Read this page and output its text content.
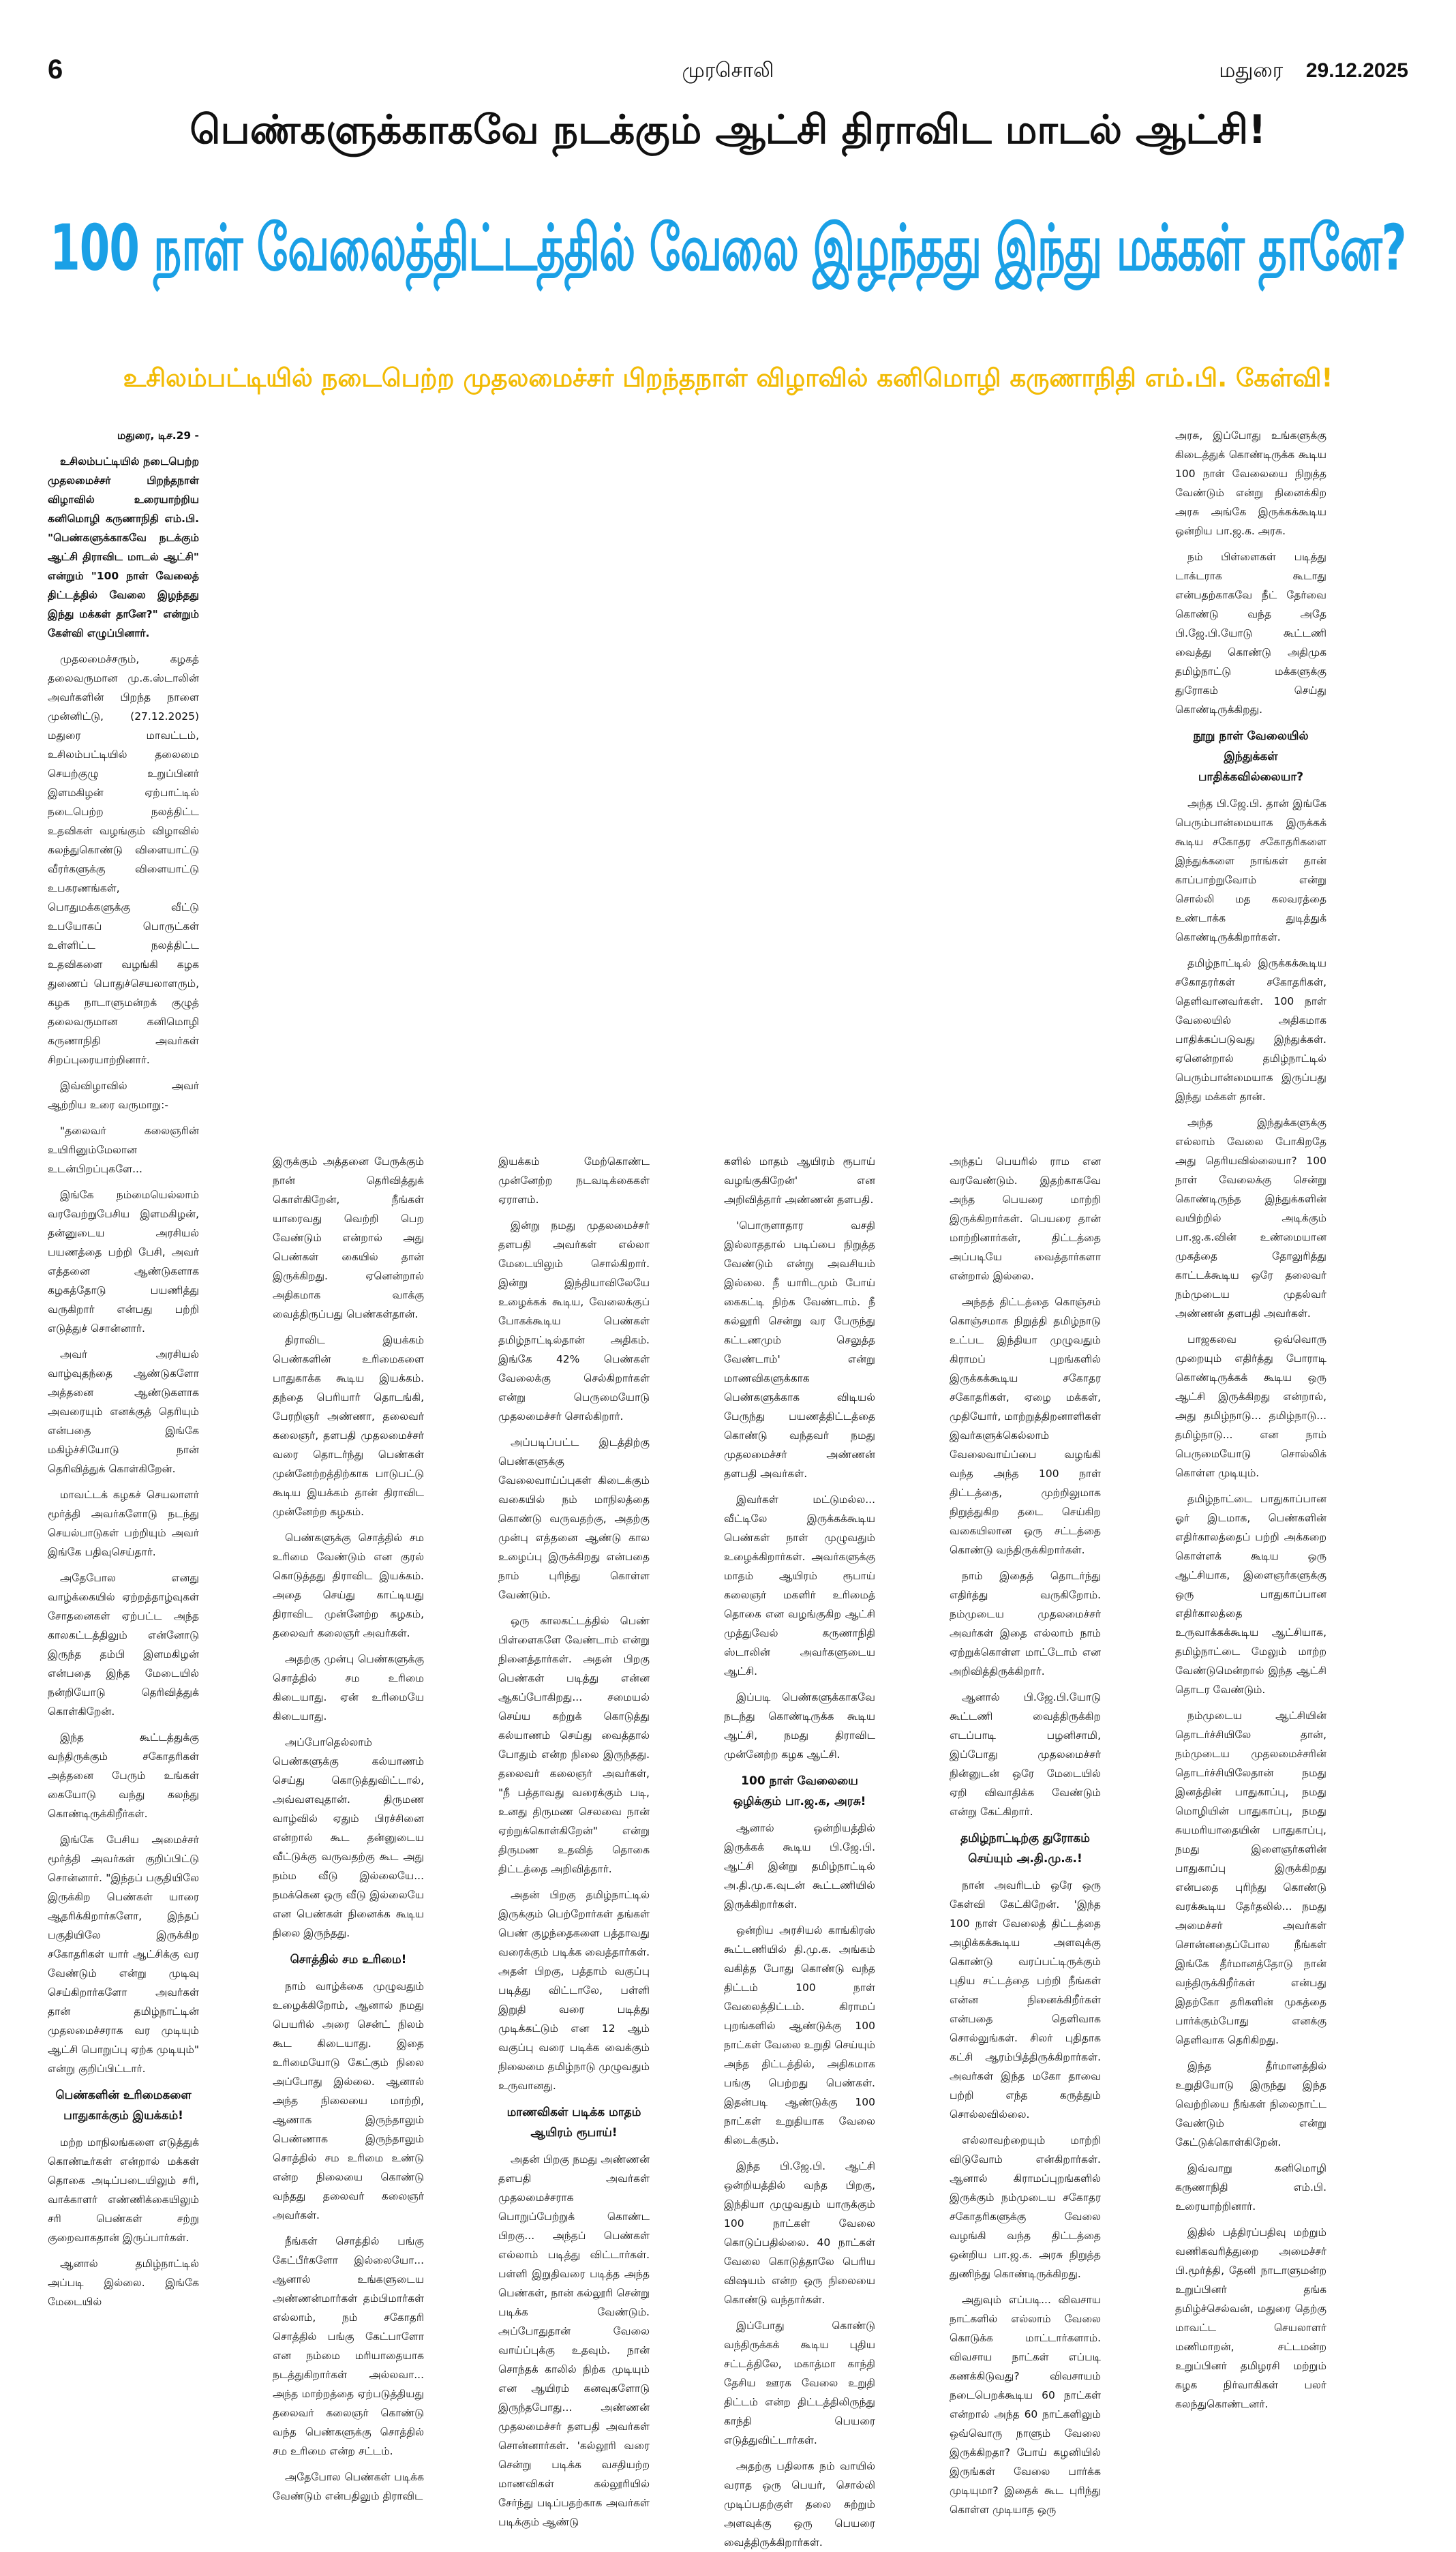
6	முரசொலி	மதுரை 29.12.2025
பெண்களுக்காகவே நடக்கும் ஆட்சி திராவிட மாடல் ஆட்சி!
100 நாள் வேலைத்திட்டத்தில் வேலை இழந்தது இந்து மக்கள் தானே?
உசிலம்பட்டியில் நடைபெற்ற முதலமைச்சர் பிறந்தநாள் விழாவில் கனிமொழி கருணாநிதி எம்.பி. கேள்வி!

மதுரை, டிச.29 -

உசிலம்பட்டியில் நடைபெற்ற முதலமைச்சர் பிறந்தநாள் விழாவில் உரையாற்றிய கனிமொழி கருணாநிதி எம்.பி. "பெண்களுக்காகவே நடக்கும் ஆட்சி திராவிட மாடல் ஆட்சி" என்றும் "100 நாள் வேலைத் திட்டத்தில் வேலை இழந்தது இந்து மக்கள் தானே?" என்றும் கேள்வி எழுப்பினார்.

முதலமைச்சரும், கழகத் தலைவருமான மு.க.ஸ்டாலின் அவர்களின் பிறந்த நாளை முன்னிட்டு, (27.12.2025) மதுரை மாவட்டம், உசிலம்பட்டியில் தலைமை செயற்குழு உறுப்பினர் இளமகிழன் ஏற்பாட்டில் நடைபெற்ற நலத்திட்ட உதவிகள் வழங்கும் விழாவில் கலந்துகொண்டு விளையாட்டு வீரர்களுக்கு விளையாட்டு உபகரணங்கள், பொதுமக்களுக்கு வீட்டு உபயோகப் பொருட்கள் உள்ளிட்ட நலத்திட்ட உதவிகளை வழங்கி கழக துணைப் பொதுச்செயலாளரும், கழக நாடாளுமன்றக் குழுத் தலைவருமான கனிமொழி கருணாநிதி அவர்கள் சிறப்புரையாற்றினார்.

இவ்விழாவில் அவர் ஆற்றிய உரை வருமாறு:-

"தலைவர் கலைஞரின் உயிரினும்மேலான உடன்பிறப்புகளே...

இங்கே நம்மையெல்லாம் வரவேற்றுபேசிய இளமகிழன், தன்னுடைய அரசியல் பயணத்தை பற்றி பேசி, அவர் எத்தனை ஆண்டுகளாக கழகத்தோடு பயணித்து வருகிறார் என்பது பற்றி எடுத்துச் சொன்னார்.

அவர் அரசியல் வாழ்வுதந்தை ஆண்டுகளோ அத்தனை ஆண்டுகளாக அவரையும் எனக்குத் தெரியும் என்பதை இங்கே மகிழ்ச்சியோடு நான் தெரிவித்துக் கொள்கிறேன்.

மாவட்டக் கழகச் செயலாளர் மூர்த்தி அவர்களோடு நடந்து செயல்பாடுகள் பற்றியும் அவர் இங்கே பதிவுசெய்தார்.

அதேபோல எனது வாழ்க்கையில் ஏற்றத்தாழ்வுகள் சோதனைகள் ஏற்பட்ட அந்த காலகட்டத்திலும் என்னோடு இருந்த தம்பி இளமகிழன் என்பதை இந்த மேடையில் நன்றியோடு தெரிவித்துக் கொள்கிறேன்.

இந்த கூட்டத்துக்கு வந்திருக்கும் சகோதரிகள் அத்தனை பேரும் உங்கள் கையோடு வந்து கலந்து கொண்டிருக்கிறீர்கள்.

இங்கே பேசிய அமைச்சர் மூர்த்தி அவர்கள் குறிப்பிட்டு சொன்னார். "இந்தப் பகுதியிலே இருக்கிற பெண்கள் யாரை ஆதரிக்கிறார்களோ, இந்தப் பகுதியிலே இருக்கிற சகோதரிகள் யார் ஆட்சிக்கு வர வேண்டும் என்று முடிவு செய்கிறார்களோ அவர்கள் தான் தமிழ்நாட்டின் முதலமைச்சராக வர முடியும் ஆட்சி பொறுப்பு ஏற்க முடியும்" என்று குறிப்பிட்டார்.

பெண்களின் உரிமைகளை பாதுகாக்கும் இயக்கம்!

மற்ற மாநிலங்களை எடுத்துக் கொண்டீர்கள் என்றால் மக்கள் தொகை அடிப்படையிலும் சரி, வாக்காளர் எண்ணிக்கையிலும் சரி பெண்கள் சற்று குறைவாகதான் இருப்பார்கள்.

ஆனால் தமிழ்நாட்டில் அப்படி இல்லை. இங்கே மேடையில்

இருக்கும் அத்தனை பேருக்கும் நான் தெரிவித்துக் கொள்கிறேன், நீங்கள் யாரைவது வெற்றி பெற வேண்டும் என்றால் அது பெண்கள் கையில் தான் இருக்கிறது. ஏனென்றால் அதிகமாக வாக்கு வைத்திருப்பது பெண்கள்தான்.

திராவிட இயக்கம் பெண்களின் உரிமைகளை பாதுகாக்க கூடிய இயக்கம். தந்தை பெரியார் தொடங்கி, பேரறிஞர் அண்ணா, தலைவர் கலைஞர், தளபதி முதலமைச்சர் வரை தொடர்ந்து பெண்கள் முன்னேற்றத்திற்காக பாடுபட்டு கூடிய இயக்கம் தான் திராவிட முன்னேற்ற கழகம்.

பெண்களுக்கு சொத்தில் சம உரிமை வேண்டும் என குரல் கொடுத்தது திராவிட இயக்கம். அதை செய்து காட்டியது திராவிட முன்னேற்ற கழகம், தலைவர் கலைஞர் அவர்கள்.

அதற்கு முன்பு பெண்களுக்கு சொத்தில் சம உரிமை கிடையாது. ஏன் உரிமையே கிடையாது.

அப்போதெல்லாம் பெண்களுக்கு கல்யாணம் செய்து கொடுத்துவிட்டால், அவ்வளவுதான். திருமண வாழ்வில் ஏதும் பிரச்சினை என்றால் கூட தன்னுடைய வீட்டுக்கு வருவதற்கு கூட அது நம்ம வீடு இல்லையே... நமக்கென ஒரு வீடு இல்லையே என பெண்கள் நினைக்க கூடிய நிலை இருந்தது.

சொத்தில் சம உரிமை!

நாம் வாழ்க்கை முழுவதும் உழைக்கிறோம், ஆனால் நமது பெயரில் அரை சென்ட் நிலம் கூட கிடையாது. இதை உரிமையோடு கேட்கும் நிலை அப்போது இல்லை. ஆனால் அந்த நிலையை மாற்றி, ஆணாக இருந்தாலும் பெண்ணாக இருந்தாலும் சொத்தில் சம உரிமை உண்டு என்ற நிலையை கொண்டு வந்தது தலைவர் கலைஞர் அவர்கள்.

நீங்கள் சொத்தில் பங்கு கேட்பீர்களோ இல்லையோ... ஆனால் உங்களுடைய அண்ணன்மார்கள் தம்பிமார்கள் எல்லாம், நம் சகோதரி சொத்தில் பங்கு கேட்பாளோ என நம்மை மரியாதையாக நடத்துகிறார்கள் அல்லவா... அந்த மாற்றத்தை ஏற்படுத்தியது தலைவர் கலைஞர் கொண்டு வந்த பெண்களுக்கு சொத்தில் சம உரிமை என்ற சட்டம்.

அதேபோல பெண்கள் படிக்க வேண்டும் என்பதிலும் திராவிட

இயக்கம் மேற்கொண்ட முன்னேற்ற நடவடிக்கைகள் ஏராளம்.

இன்று நமது முதலமைச்சர் தளபதி அவர்கள் எல்லா மேடையிலும் சொல்கிறார். இன்று இந்தியாவிலேயே உழைக்கக் கூடிய, வேலைக்குப் போகக்கூடிய பெண்கள் தமிழ்நாட்டில்தான் அதிகம். இங்கே 42% பெண்கள் வேலைக்கு செல்கிறார்கள் என்று பெருமையோடு முதலமைச்சர் சொல்கிறார்.

அப்படிப்பட்ட இடத்திற்கு பெண்களுக்கு வேலைவாய்ப்புகள் கிடைக்கும் வகையில் நம் மாநிலத்தை கொண்டு வருவதற்கு, அதற்கு முன்பு எத்தனை ஆண்டு கால உழைப்பு இருக்கிறது என்பதை நாம் புரிந்து கொள்ள வேண்டும்.

ஒரு காலகட்டத்தில் பெண் பிள்ளைகளே வேண்டாம் என்று நினைத்தார்கள். அதன் பிறகு பெண்கள் படித்து என்ன ஆகப்போகிறது... சமையல் செய்ய கற்றுக் கொடுத்து கல்யாணம் செய்து வைத்தால் போதும் என்ற நிலை இருந்தது. தலைவர் கலைஞர் அவர்கள், "நீ பத்தாவது வரைக்கும் படி, உனது திருமண செலவை நான் ஏற்றுக்கொள்கிறேன்" என்று திருமண உதவித் தொகை திட்டத்தை அறிவித்தார்.

அதன் பிறகு தமிழ்நாட்டில் இருக்கும் பெற்றோர்கள் தங்கள் பெண் குழந்தைகளை பத்தாவது வரைக்கும் படிக்க வைத்தார்கள். அதன் பிறகு, பத்தாம் வகுப்பு படித்து விட்டாலே, பள்ளி இறுதி வரை படித்து முடிக்கட்டும் என 12 ஆம் வகுப்பு வரை படிக்க வைக்கும் நிலைமை தமிழ்நாடு முழுவதும் உருவானது.

மாணவிகள் படிக்க மாதம் ஆயிரம் ரூபாய்!

அதன் பிறகு நமது அண்ணன் தளபதி அவர்கள் முதலமைச்சராக பொறுப்பேற்றுக் கொண்ட பிறகு... அந்தப் பெண்கள் எல்லாம் படித்து விட்டார்கள். பள்ளி இறுதிவரை படித்த அந்த பெண்கள், நான் கல்லூரி சென்று படிக்க வேண்டும். அப்போதுதான் வேலை வாய்ப்புக்கு உதவும். நான் சொந்தக் காலில் நிற்க முடியும் என ஆயிரம் கனவுகளோடு இருந்தபோது... அண்ணன் முதலமைச்சர் தளபதி அவர்கள் சொன்னார்கள். 'கல்லூரி வரை சென்று படிக்க வசதியற்ற மாணவிகள் கல்லூரியில் சேர்ந்து படிப்பதற்காக அவர்கள் படிக்கும் ஆண்டு

களில் மாதம் ஆயிரம் ரூபாய் வழங்குகிறேன்' என அறிவித்தார் அண்ணன் தளபதி.

'பொருளாதார வசதி இல்லாததால் படிப்பை நிறுத்த வேண்டும் என்று அவசியம் இல்லை. நீ யாரிடமும் போய் கைகட்டி நிற்க வேண்டாம். நீ கல்லூரி சென்று வர பேருந்து கட்டணமும் செலுத்த வேண்டாம்' என்று மாணவிகளுக்காக பெண்களுக்காக விடியல் பேருந்து பயணத்திட்டத்தை கொண்டு வந்தவர் நமது முதலமைச்சர் அண்ணன் தளபதி அவர்கள்.

இவர்கள் மட்டுமல்ல... வீட்டிலே இருக்கக்கூடிய பெண்கள் நாள் முழுவதும் உழைக்கிறார்கள். அவர்களுக்கு மாதம் ஆயிரம் ரூபாய் கலைஞர் மகளிர் உரிமைத் தொகை என வழங்குகிற ஆட்சி முத்துவேல் கருணாநிதி ஸ்டாலின் அவர்களுடைய ஆட்சி.

இப்படி பெண்களுக்காகவே நடந்து கொண்டிருக்க கூடிய ஆட்சி, நமது திராவிட முன்னேற்ற கழக ஆட்சி.

100 நாள் வேலையை ஒழிக்கும் பா.ஜ.க, அரசு!

ஆனால் ஒன்றியத்தில் இருக்கக் கூடிய பி.ஜே.பி. ஆட்சி இன்று தமிழ்நாட்டில் அ.தி.மு.க.வுடன் கூட்டணியில் இருக்கிறார்கள்.

ஒன்றிய அரசியல் காங்கிரஸ் கூட்டணியில் தி.மு.க. அங்கம் வகித்த போது கொண்டு வந்த திட்டம் 100 நாள் வேலைத்திட்டம். கிராமப் புறங்களில் ஆண்டுக்கு 100 நாட்கள் வேலை உறுதி செய்யும் அந்த திட்டத்தில், அதிகமாக பங்கு பெற்றது பெண்கள். இதன்படி ஆண்டுக்கு 100 நாட்கள் உறுதியாக வேலை கிடைக்கும்.

இந்த பி.ஜே.பி. ஆட்சி ஒன்றியத்தில் வந்த பிறகு, இந்தியா முழுவதும் யாருக்கும் 100 நாட்கள் வேலை கொடுப்பதில்லை. 40 நாட்கள் வேலை கொடுத்தாலே பெரிய விஷயம் என்ற ஒரு நிலையை கொண்டு வந்தார்கள்.

இப்போது கொண்டு வந்திருக்கக் கூடிய புதிய சட்டத்திலே, மகாத்மா காந்தி தேசிய ஊரக வேலை உறுதி திட்டம் என்ற திட்டத்திலிருந்து காந்தி பெயரை எடுத்துவிட்டார்கள்.

அதற்கு பதிலாக நம் வாயில் வராத ஒரு பெயர், சொல்லி முடிப்பதற்குள் தலை சுற்றும் அளவுக்கு ஒரு பெயரை வைத்திருக்கிறார்கள்.

அந்தப் பெயரில் ராம என வரவேண்டும். இதற்காகவே அந்த பெயரை மாற்றி இருக்கிறார்கள். பெயரை தான் மாற்றினார்கள், திட்டத்தை அப்படியே வைத்தார்களா என்றால் இல்லை.

அந்தத் திட்டத்தை கொஞ்சம் கொஞ்சமாக நிறுத்தி தமிழ்நாடு உட்பட இந்தியா முழுவதும் கிராமப் புறங்களில் இருக்கக்கூடிய சகோதர சகோதரிகள், ஏழை மக்கள், முதியோர், மாற்றுத்திறனாளிகள் இவர்களுக்கெல்லாம் வேலைவாய்ப்பை வழங்கி வந்த அந்த 100 நாள் திட்டத்தை, முற்றிலுமாக நிறுத்துகிற தடை செய்கிற வகையிலான ஒரு சட்டத்தை கொண்டு வந்திருக்கிறார்கள்.

நாம் இதைத் தொடர்ந்து எதிர்த்து வருகிறோம். நம்முடைய முதலமைச்சர் அவர்கள் இதை எல்லாம் நாம் ஏற்றுக்கொள்ள மாட்டோம் என அறிவித்திருக்கிறார்.

ஆனால் பி.ஜே.பி.யோடு கூட்டணி வைத்திருக்கிற எடப்பாடி பழனிசாமி, இப்போது முதலமைச்சர் நின்னுடன் ஒரே மேடையில் ஏறி விவாதிக்க வேண்டும் என்று கேட்கிறார்.

தமிழ்நாட்டிற்கு துரோகம் செய்யும் அ.தி.மு.க.!

நான் அவரிடம் ஒரே ஒரு கேள்வி கேட்கிறேன். 'இந்த 100 நாள் வேலைத் திட்டத்தை அழிக்கக்கூடிய அளவுக்கு கொண்டு வரப்பட்டிருக்கும் புதிய சட்டத்தை பற்றி நீங்கள் என்ன நினைக்கிறீர்கள் என்பதை தெளிவாக சொல்லுங்கள். சிலர் புதிதாக கட்சி ஆரம்பித்திருக்கிறார்கள். அவர்கள் இந்த மகோ தாவை பற்றி எந்த கருத்தும் சொல்லவில்லை.

எல்லாவற்றையும் மாற்றி விடுவோம் என்கிறார்கள். ஆனால் கிராமப்புறங்களில் இருக்கும் நம்முடைய சகோதர சகோதரிகளுக்கு வேலை வழங்கி வந்த திட்டத்தை ஒன்றிய பா.ஜ.க. அரசு நிறுத்த துணிந்து கொண்டிருக்கிறது.

அதுவும் எப்படி... விவசாய நாட்களில் எல்லாம் வேலை கொடுக்க மாட்டார்களாம். விவசாய நாட்கள் எப்படி கணக்கிடுவது? விவசாயம் நடைபெறக்கூடிய 60 நாட்கள் என்றால் அந்த 60 நாட்களிலும் ஒவ்வொரு நாளும் வேலை இருக்கிறதா? போய் கழனியில் இருங்கள் வேலை பார்க்க முடியுமா? இதைக் கூட புரிந்து கொள்ள முடியாத ஒரு

அரசு, இப்போது உங்களுக்கு கிடைத்துக் கொண்டிருக்க கூடிய 100 நாள் வேலையை நிறுத்த வேண்டும் என்று நினைக்கிற அரசு அங்கே இருக்கக்கூடிய ஒன்றிய பா.ஜ.க. அரசு.

நம் பிள்ளைகள் படித்து டாக்டராக கூடாது என்பதற்காகவே நீட் தேர்வை கொண்டு வந்த அதே பி.ஜே.பி.யோடு கூட்டணி வைத்து கொண்டு அதிமுக தமிழ்நாட்டு மக்களுக்கு துரோகம் செய்து கொண்டிருக்கிறது.

நூறு நாள் வேலையில் இந்துக்கள் பாதிக்கவில்லையா?

அந்த பி.ஜே.பி. தான் இங்கே பெரும்பான்மையாக இருக்கக் கூடிய சகோதர சகோதரிகளை இந்துக்களை நாங்கள் தான் காப்பாற்றுவோம் என்று சொல்லி மத கலவரத்தை உண்டாக்க துடித்துக் கொண்டிருக்கிறார்கள்.

தமிழ்நாட்டில் இருக்கக்கூடிய சகோதரர்கள் சகோதரிகள், தெளிவானவர்கள். 100 நாள் வேலையில் அதிகமாக பாதிக்கப்படுவது இந்துக்கள். ஏனென்றால் தமிழ்நாட்டில் பெரும்பான்மையாக இருப்பது இந்து மக்கள் தான்.

அந்த இந்துக்களுக்கு எல்லாம் வேலை போகிறதே அது தெரியவில்லையா? 100 நாள் வேலைக்கு சென்று கொண்டிருந்த இந்துக்களின் வயிற்றில் அடிக்கும் பா.ஜ.க.வின் உண்மையான முகத்தை தோலுரித்து காட்டக்கூடிய ஒரே தலைவர் நம்முடைய முதல்வர் அண்ணன் தளபதி அவர்கள்.

பாஜகவை ஒவ்வொரு முறையும் எதிர்த்து போராடி கொண்டிருக்கக் கூடிய ஒரு ஆட்சி இருக்கிறது என்றால், அது தமிழ்நாடு... தமிழ்நாடு... தமிழ்நாடு... என நாம் பெருமையோடு சொல்லிக் கொள்ள முடியும்.

தமிழ்நாட்டை பாதுகாப்பான ஓர் இடமாக, பெண்களின் எதிர்காலத்தைப் பற்றி அக்கறை கொள்ளக் கூடிய ஒரு ஆட்சியாக, இளைஞர்களுக்கு ஒரு பாதுகாப்பான எதிர்காலத்தை உருவாக்கக்கூடிய ஆட்சியாக, தமிழ்நாட்டை மேலும் மாற்ற வேண்டுமென்றால் இந்த ஆட்சி தொடர வேண்டும்.

நம்முடைய ஆட்சியின் தொடர்ச்சியிலே தான், நம்முடைய முதலமைச்சரின் தொடர்ச்சியிலேதான் நமது இனத்தின் பாதுகாப்பு, நமது மொழியின் பாதுகாப்பு, நமது சுயமரியாதையின் பாதுகாப்பு, நமது இளைஞர்களின் பாதுகாப்பு இருக்கிறது என்பதை புரிந்து கொண்டு வரக்கூடிய தேர்தலில்... நமது அமைச்சர் அவர்கள் சொன்னதைப்போல நீங்கள் இங்கே தீர்மானத்தோடு நான் வந்திருக்கிறீர்கள் என்பது இதற்கோ தரிகளின் முகத்தை பார்க்கும்போது எனக்கு தெளிவாக தெரிகிறது.

இந்த தீர்மானத்தில் உறுதியோடு இருந்து இந்த வெற்றியை நீங்கள் நிலைநாட்ட வேண்டும் என்று கேட்டுக்கொள்கிறேன்.

இவ்வாறு கனிமொழி கருணாநிதி எம்.பி. உரையாற்றினார்.

இதில் பத்திரப்பதிவு மற்றும் வணிகவரித்துறை அமைச்சர் பி.மூர்த்தி, தேனி நாடாளுமன்ற உறுப்பினர் தங்க தமிழ்ச்செல்வன், மதுரை தெற்கு மாவட்ட செயலாளர் மணிமாறன், சட்டமன்ற உறுப்பினர் தமிழரசி மற்றும் கழக நிர்வாகிகள் பலர் கலந்துகொண்டனர்.
